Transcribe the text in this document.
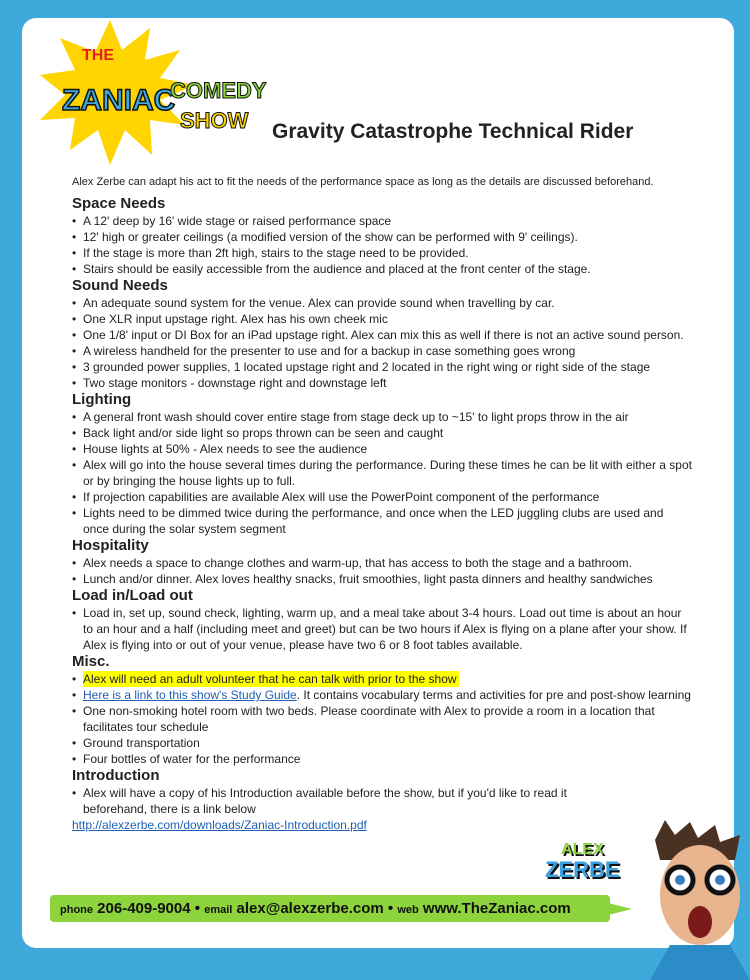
THE
ZANIAC
COMEDY
SHOW Gravity Catastrophe Technical Rider

Alex Zerbe can adapt his act to fit the needs of the performance space as long as the details are discussed beforehand.

Space Needs
• A 12' deep by 16' wide stage or raised performance space
• 12' high or greater ceilings (a modified version of the show can be performed with 9' ceilings).
• If the stage is more than 2ft high, stairs to the stage need to be provided.
• Stairs should be easily accessible from the audience and placed at the front center of the stage.
Sound Needs
• An adequate sound system for the venue. Alex can provide sound when travelling by car.
• One XLR input upstage right. Alex has his own cheek mic
• One 1/8' input or DI Box for an iPad upstage right. Alex can mix this as well if there is not an active sound person.
• A wireless handheld for the presenter to use and for a backup in case something goes wrong
• 3 grounded power supplies, 1 located upstage right and 2 located in the right wing or right side of the stage
• Two stage monitors - downstage right and downstage left
Lighting
• A general front wash should cover entire stage from stage deck up to ~15' to light props throw in the air
• Back light and/or side light so props thrown can be seen and caught
• House lights at 50% - Alex needs to see the audience
• Alex will go into the house several times during the performance. During these times he can be lit with either a spot or by bringing the house lights up to full.
• If projection capabilities are available Alex will use the PowerPoint component of the performance
• Lights need to be dimmed twice during the performance, and once when the LED juggling clubs are used and once during the solar system segment
Hospitality
• Alex needs a space to change clothes and warm-up, that has access to both the stage and a bathroom.
• Lunch and/or dinner. Alex loves healthy snacks, fruit smoothies, light pasta dinners and healthy sandwiches
Load in/Load out
• Load in, set up, sound check, lighting, warm up, and a meal take about 3-4 hours. Load out time is about an hour to an hour and a half (including meet and greet) but can be two hours if Alex is flying on a plane after your show. If Alex is flying into or out of your venue, please have two 6 or 8 foot tables available.
Misc.
• Alex will need an adult volunteer that he can talk with prior to the show
• Here is a link to this show's Study Guide. It contains vocabulary terms and activities for pre and post-show learning
• One non-smoking hotel room with two beds. Please coordinate with Alex to provide a room in a location that facilitates tour schedule
• Ground transportation
• Four bottles of water for the performance
Introduction
• Alex will have a copy of his Introduction available before the show, but if you'd like to read it beforehand, there is a link below
http://alexzerbe.com/downloads/Zaniac-Introduction.pdf
ALEX
ZERBE
phone 206-409-9004 • email alex@alexzerbe.com • web www.TheZaniac.com
